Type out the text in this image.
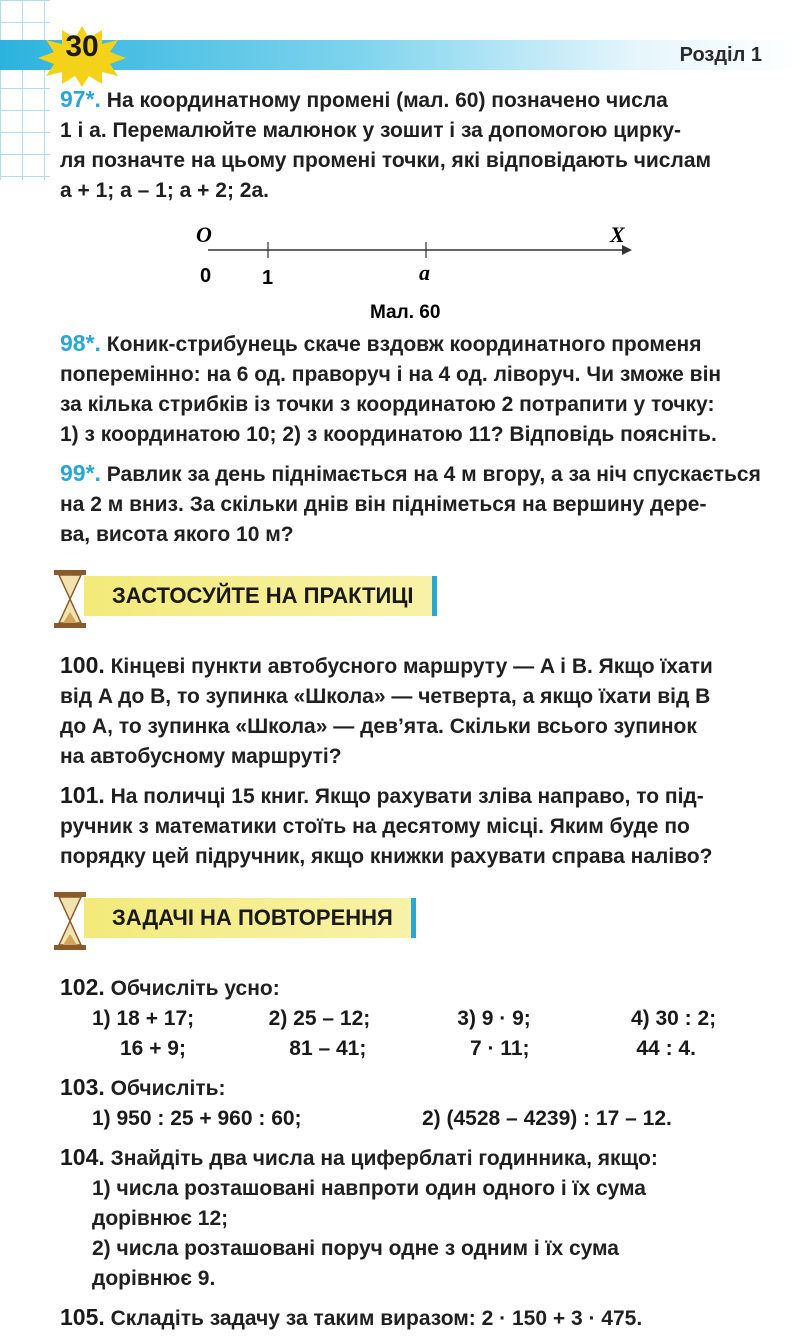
30	Розділ 1

97*. На координатному промені (мал. 60) позначено числа

1 і a. Перемалюйте малюнок у зошит і за допомогою цирку-

ля позначте на цьому промені точки, які відповідають числам

a + 1; a – 1; a + 2; 2a.

O	X
0	1	a
Мал. 60

98*. Коник-стрибунець скаче вздовж координатного променя

поперемінно: на 6 од. праворуч і на 4 од. ліворуч. Чи зможе він

за кілька стрибків із точки з координатою 2 потрапити у точку:

1) з координатою 10; 2) з координатою 11? Відповідь поясніть.

99*. Равлик за день піднімається на 4 м вгору, а за ніч спускається

на 2 м вниз. За скільки днів він підніметься на вершину дере-

ва, висота якого 10 м?

ЗАСТОСУЙТЕ НА ПРАКТИЦІ

100. Кінцеві пункти автобусного маршруту — A і B. Якщо їхати

від A до B, то зупинка «Школа» — четверта, а якщо їхати від B

до A, то зупинка «Школа» — дев’ята. Скільки всього зупинок

на автобусному маршруті?

101. На поличці 15 книг. Якщо рахувати зліва направо, то під-

ручник з математики стоїть на десятому місці. Яким буде по

порядку цей підручник, якщо книжки рахувати справа наліво?

ЗАДАЧІ НА ПОВТОРЕННЯ

102. Обчисліть усно:

1) 18 + 17;	2) 25 – 12;	3) 9 · 9;	4) 30 : 2;
16 + 9;	81 – 41;	7 · 11;	44 : 4.

103. Обчисліть:

1) 950 : 25 + 960 : 60;	2) (4528 – 4239) : 17 – 12.

104. Знайдіть два числа на циферблаті годинника, якщо:

1) числа розташовані навпроти один одного і їх сума

дорівнює 12;

2) числа розташовані поруч одне з одним і їх сума

дорівнює 9.

105. Складіть задачу за таким виразом: 2 · 150 + 3 · 475.
